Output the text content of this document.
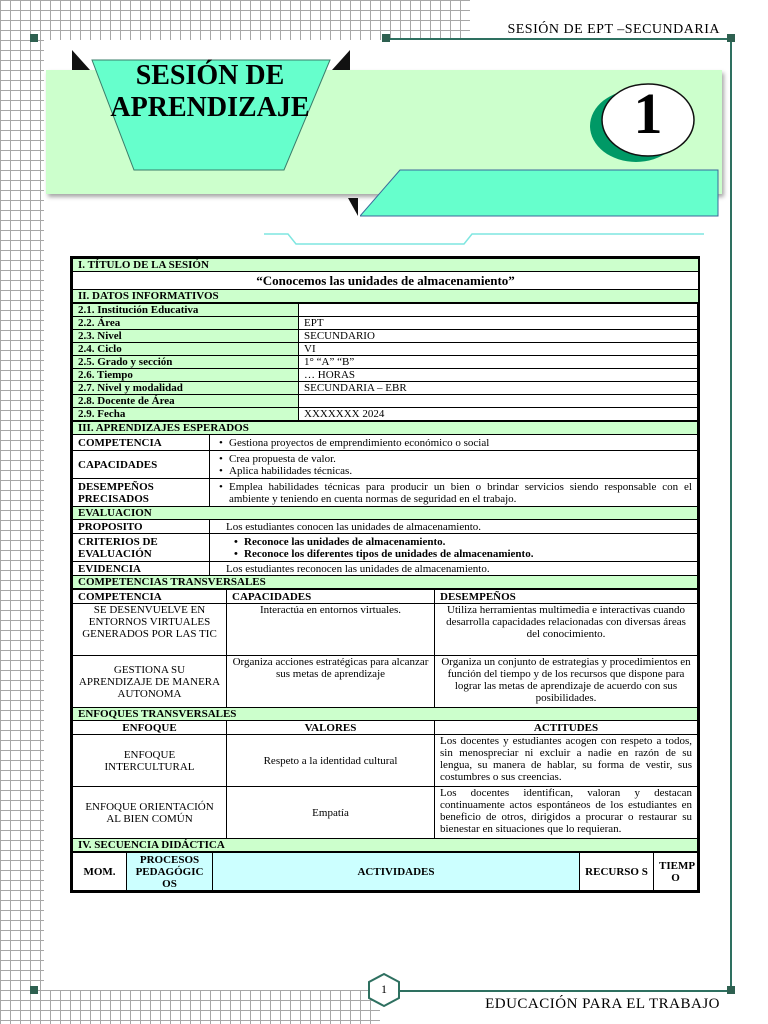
SESIÓN DE EPT –SECUNDARIA
SESIÓN DE
APRENDIZAJE	1
I. TÍTULO DE LA SESIÓN
“Conocemos las unidades de almacenamiento”
II. DATOS INFORMATIVOS
2.1. Institución Educativa	
2.2. Área	EPT
2.3. Nivel	SECUNDARIO
2.4. Ciclo	VI
2.5. Grado y sección	1° “A” “B”
2.6. Tiempo	… HORAS
2.7. Nivel y modalidad	SECUNDARIA – EBR
2.8. Docente de Área	
2.9. Fecha	XXXXXXX 2024
III. APRENDIZAJES ESPERADOS	
COMPETENCIA	• Gestiona proyectos de emprendimiento económico o social

CAPACIDADES	• Crea propuesta de valor.
• Aplica habilidades técnicas.

DESEMPEÑOS PRECISADOS	• Emplea habilidades técnicas para producir un bien o brindar servicios siendo responsable con el ambiente y teniendo en cuenta normas de seguridad en el trabajo.

EVALUACION	
PROPOSITO	Los estudiantes conocen las unidades de almacenamiento.
CRITERIOS DE EVALUACIÓN	• Reconoce las unidades de almacenamiento.
• Reconoce los diferentes tipos de unidades de almacenamiento.

EVIDENCIA	Los estudiantes reconocen las unidades de almacenamiento.
COMPETENCIAS TRANSVERSALES	
COMPETENCIA	CAPACIDADES	DESEMPEÑOS
SE DESENVUELVE EN ENTORNOS VIRTUALES GENERADOS POR LAS TIC	Interactúa en entornos virtuales.	Utiliza herramientas multimedia e interactivas cuando desarrolla capacidades relacionadas con diversas áreas del conocimiento.
GESTIONA SU APRENDIZAJE DE MANERA AUTONOMA	Organiza acciones estratégicas para alcanzar sus metas de aprendizaje	Organiza un conjunto de estrategias y procedimientos en función del tiempo y de los recursos que dispone para lograr las metas de aprendizaje de acuerdo con sus posibilidades.
ENFOQUES TRANSVERSALES		
ENFOQUE	VALORES	ACTITUDES
ENFOQUE INTERCULTURAL	Respeto a la identidad cultural	Los docentes y estudiantes acogen con respeto a todos, sin menospreciar ni excluir a nadie en razón de su lengua, su manera de hablar, su forma de vestir, sus costumbres o sus creencias.
ENFOQUE ORIENTACIÓN AL BIEN COMÚN	Empatía	Los docentes identifican, valoran y destacan continuamente actos espontáneos de los estudiantes en beneficio de otros, dirigidos a procurar o restaurar su bienestar en situaciones que lo requieran.
IV. SECUENCIA DIDÁCTICA		
MOM.	PROCESOS PEDAGÓGIC OS	ACTIVIDADES	RECURSO S	TIEMP O
1
EDUCACIÓN PARA EL TRABAJO
